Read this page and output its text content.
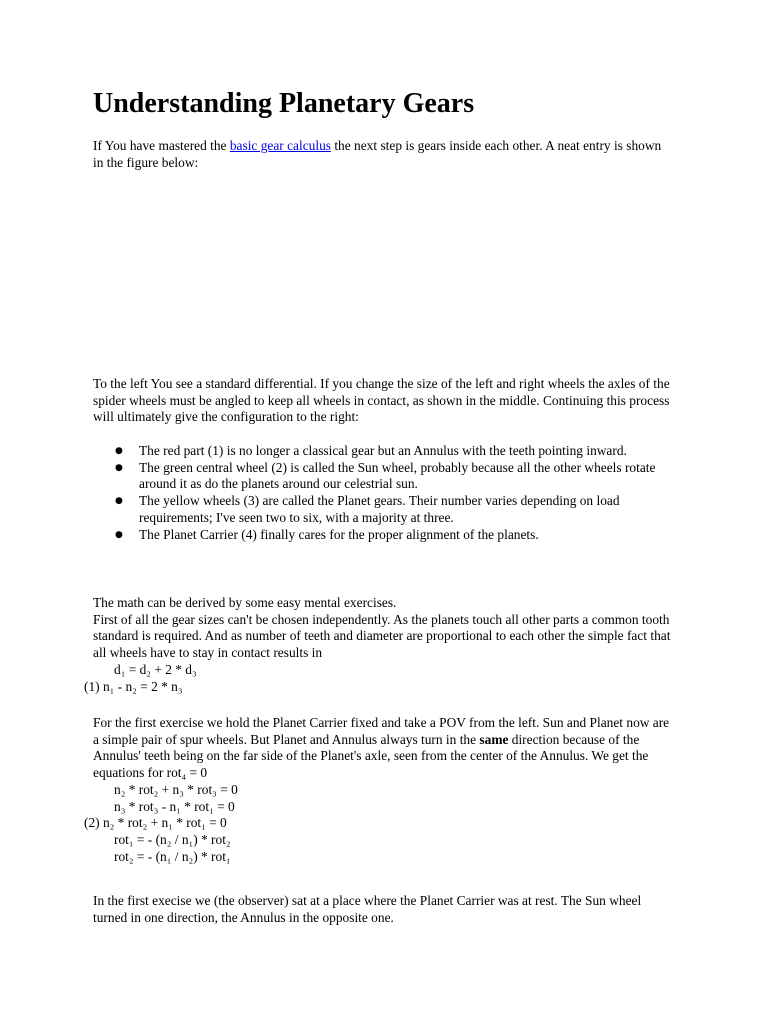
Understanding Planetary Gears

If You have mastered the basic gear calculus the next step is gears inside each other. A neat entry is shown in the figure below:

To the left You see a standard differential. If you change the size of the left and right wheels the axles of the spider wheels must be angled to keep all wheels in contact, as shown in the middle. Continuing this process will ultimately give the configuration to the right:

● The red part (1) is no longer a classical gear but an Annulus with the teeth pointing inward.
● The green central wheel (2) is called the Sun wheel, probably because all the other wheels rotate around it as do the planets around our celestrial sun.
● The yellow wheels (3) are called the Planet gears. Their number varies depending on load requirements; I've seen two to six, with a majority at three.
● The Planet Carrier (4) finally cares for the proper alignment of the planets.

The math can be derived by some easy mental exercises.

First of all the gear sizes can't be chosen independently. As the planets touch all other parts a common tooth standard is required. And as number of teeth and diameter are proportional to each other the simple fact that all wheels have to stay in contact results in

d₁ = d₂ + 2 * d₃

(1) n₁ - n₂ = 2 * n₃

For the first exercise we hold the Planet Carrier fixed and take a POV from the left. Sun and Planet now are a simple pair of spur wheels. But Planet and Annulus always turn in the same direction because of the Annulus' teeth being on the far side of the Planet's axle, seen from the center of the Annulus. We get the equations for rot₄ = 0

n₂ * rot₂ + n₃ * rot₃ = 0

n₃ * rot₃ - n₁ * rot₁ = 0

(2) n₂ * rot₂ + n₁ * rot₁ = 0

rot₁ = - (n₂ / n₁) * rot₂

rot₂ = - (n₁ / n₂) * rot₁

In the first execise we (the observer) sat at a place where the Planet Carrier was at rest. The Sun wheel turned in one direction, the Annulus in the opposite one.
